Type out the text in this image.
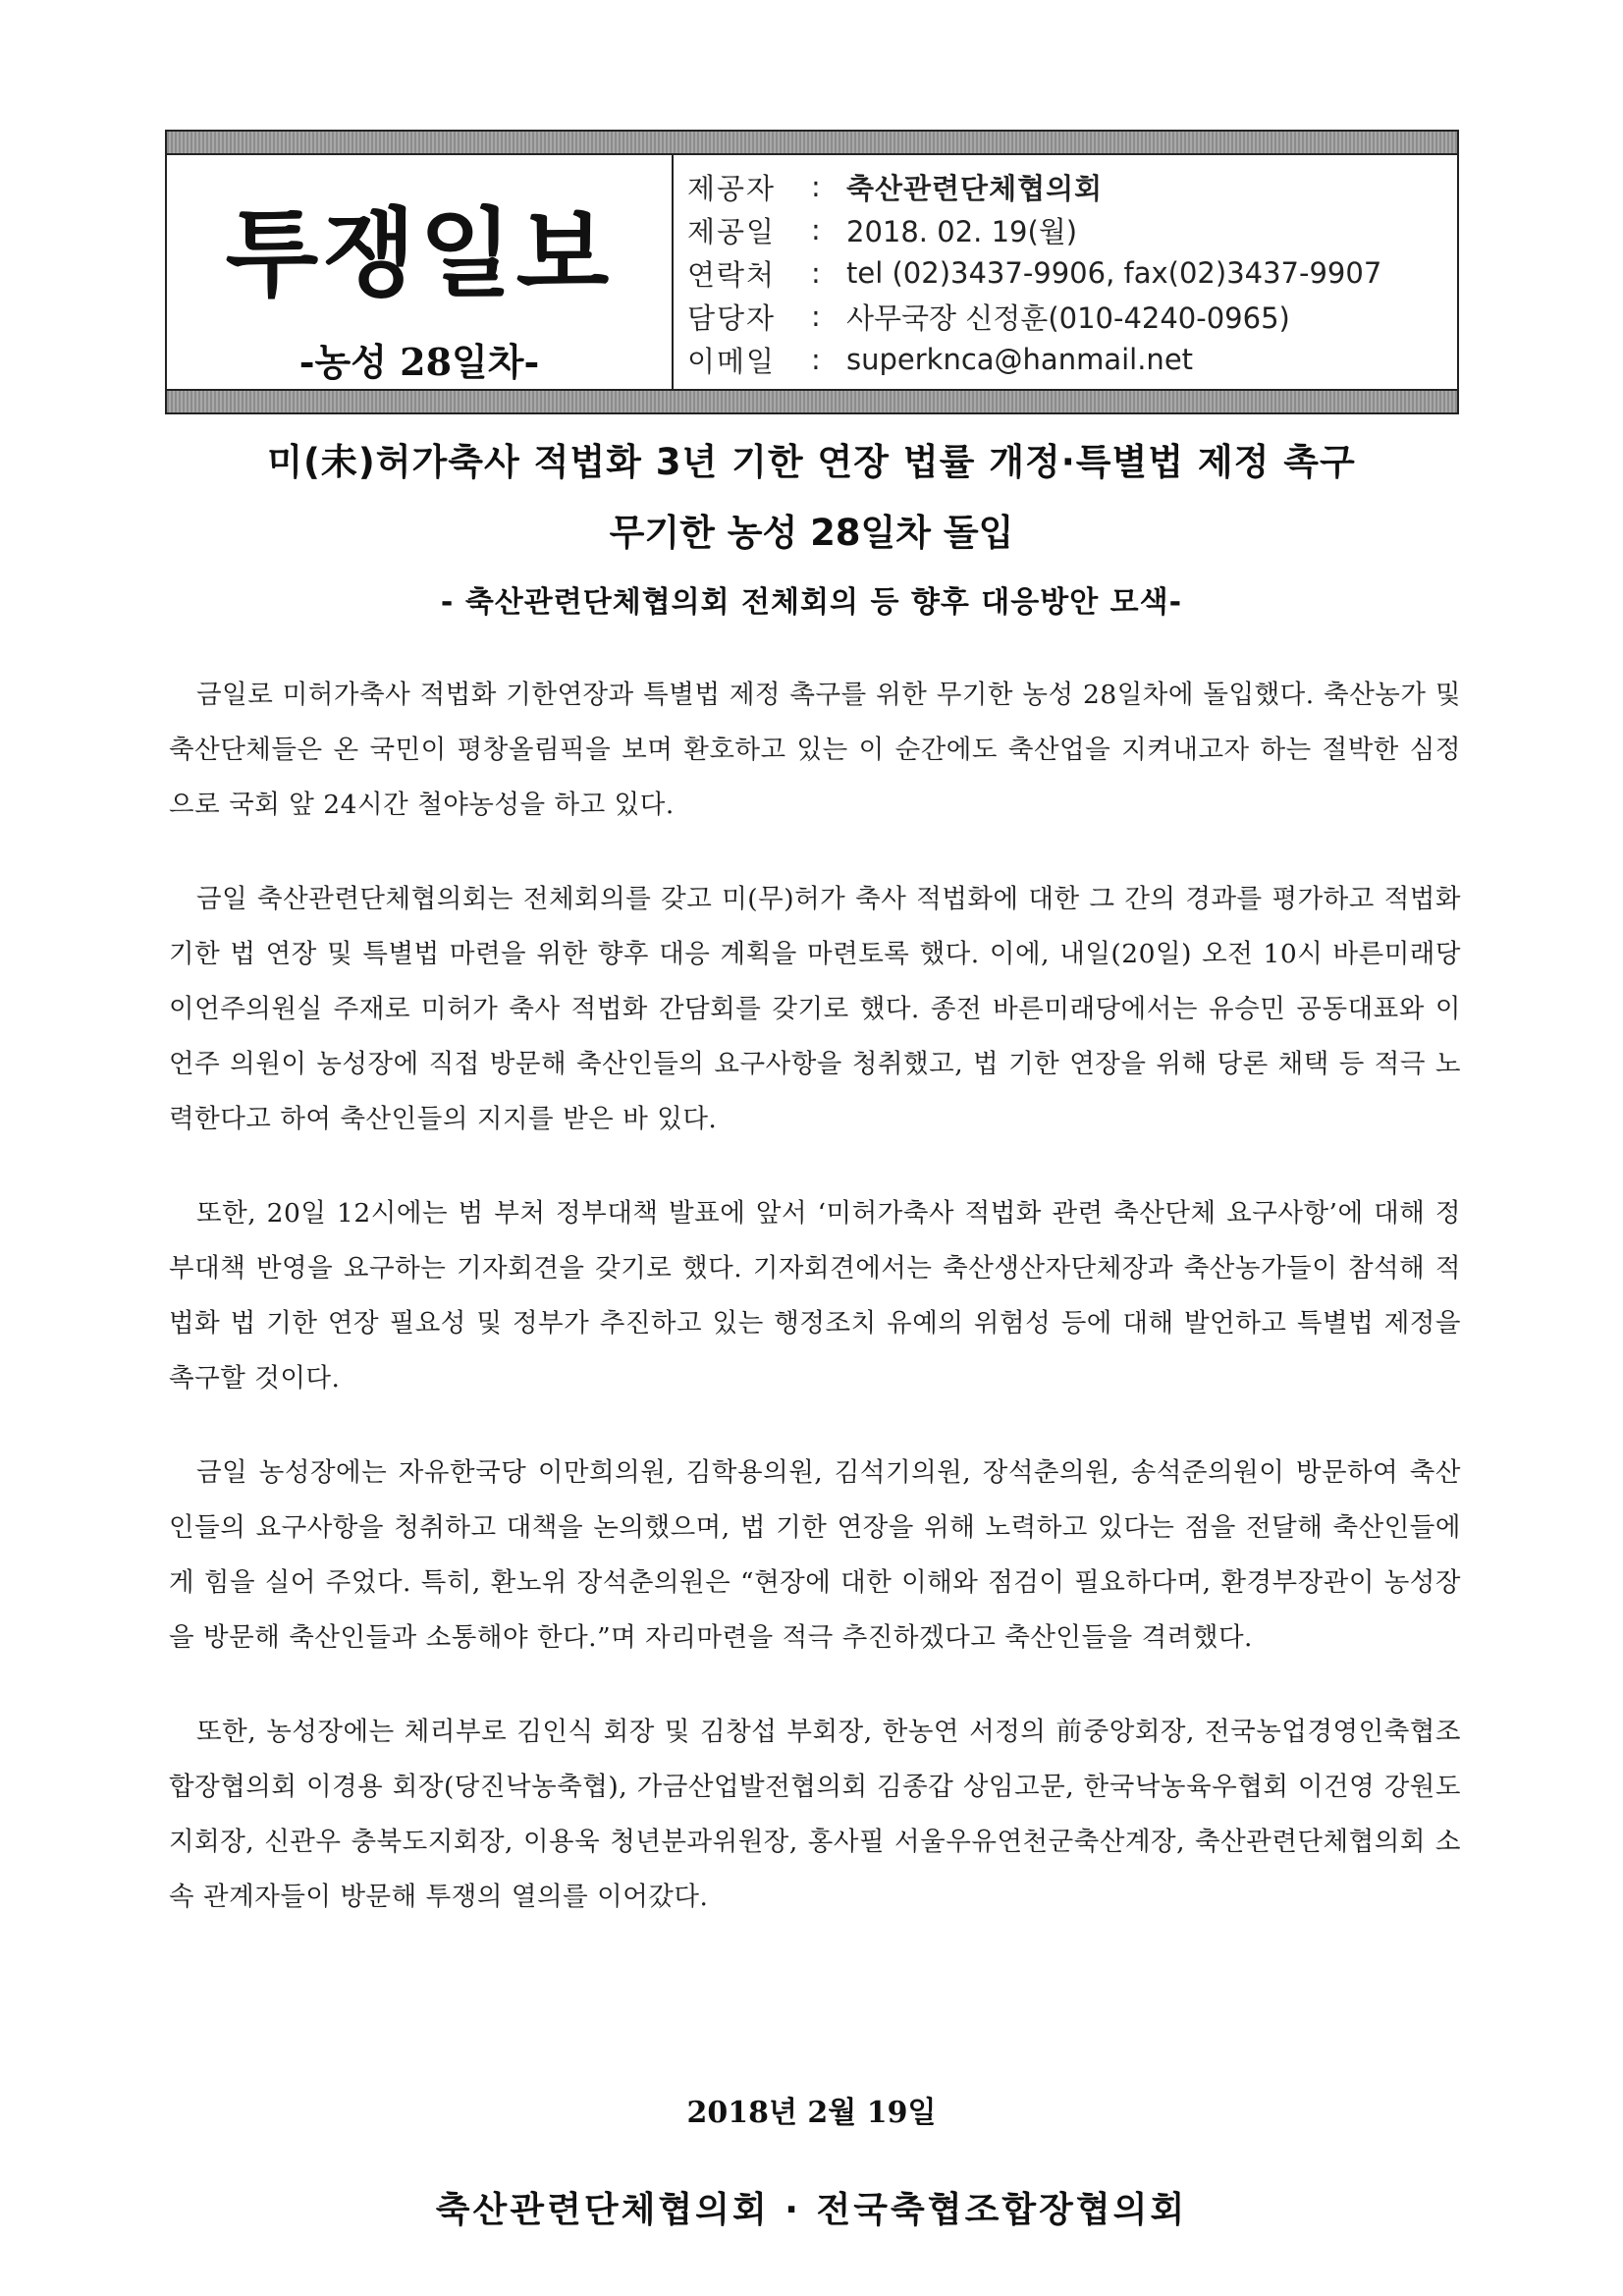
투쟁일보
-농성 28일차-
제공자	: 축산관련단체협의회
제공일	: 2018. 02. 19(월)
연락처	: tel (02)3437-9906, fax(02)3437-9907
담당자	: 사무국장 신정훈(010-4240-0965)
이메일	: superknca@hanmail.net
미(未)허가축사 적법화 3년 기한 연장 법률 개정·특별법 제정 촉구
무기한 농성 28일차 돌입
- 축산관련단체협의회 전체회의 등 향후 대응방안 모색-

금일로 미허가축사 적법화 기한연장과 특별법 제정 촉구를 위한 무기한 농성 28일차에 돌입했다. 축산농가 및 축산단체들은 온 국민이 평창올림픽을 보며 환호하고 있는 이 순간에도 축산업을 지켜내고자 하는 절박한 심정으로 국회 앞 24시간 철야농성을 하고 있다.

금일 축산관련단체협의회는 전체회의를 갖고 미(무)허가 축사 적법화에 대한 그 간의 경과를 평가하고 적법화 기한 법 연장 및 특별법 마련을 위한 향후 대응 계획을 마련토록 했다. 이에, 내일(20일) 오전 10시 바른미래당 이언주의원실 주재로 미허가 축사 적법화 간담회를 갖기로 했다. 종전 바른미래당에서는 유승민 공동대표와 이언주 의원이 농성장에 직접 방문해 축산인들의 요구사항을 청취했고, 법 기한 연장을 위해 당론 채택 등 적극 노력한다고 하여 축산인들의 지지를 받은 바 있다.

또한, 20일 12시에는 범 부처 정부대책 발표에 앞서 ‘미허가축사 적법화 관련 축산단체 요구사항’에 대해 정부대책 반영을 요구하는 기자회견을 갖기로 했다. 기자회견에서는 축산생산자단체장과 축산농가들이 참석해 적법화 법 기한 연장 필요성 및 정부가 추진하고 있는 행정조치 유예의 위험성 등에 대해 발언하고 특별법 제정을 촉구할 것이다.

금일 농성장에는 자유한국당 이만희의원, 김학용의원, 김석기의원, 장석춘의원, 송석준의원이 방문하여 축산인들의 요구사항을 청취하고 대책을 논의했으며, 법 기한 연장을 위해 노력하고 있다는 점을 전달해 축산인들에게 힘을 실어 주었다. 특히, 환노위 장석춘의원은 “현장에 대한 이해와 점검이 필요하다며, 환경부장관이 농성장을 방문해 축산인들과 소통해야 한다.”며 자리마련을 적극 추진하겠다고 축산인들을 격려했다.

또한, 농성장에는 체리부로 김인식 회장 및 김창섭 부회장, 한농연 서정의 前중앙회장, 전국농업경영인축협조합장협의회 이경용 회장(당진낙농축협), 가금산업발전협의회 김종갑 상임고문, 한국낙농육우협회 이건영 강원도지회장, 신관우 충북도지회장, 이용욱 청년분과위원장, 홍사필 서울우유연천군축산계장, 축산관련단체협의회 소속 관계자들이 방문해 투쟁의 열의를 이어갔다.

2018년 2월 19일
축산관련단체협의회 · 전국축협조합장협의회
